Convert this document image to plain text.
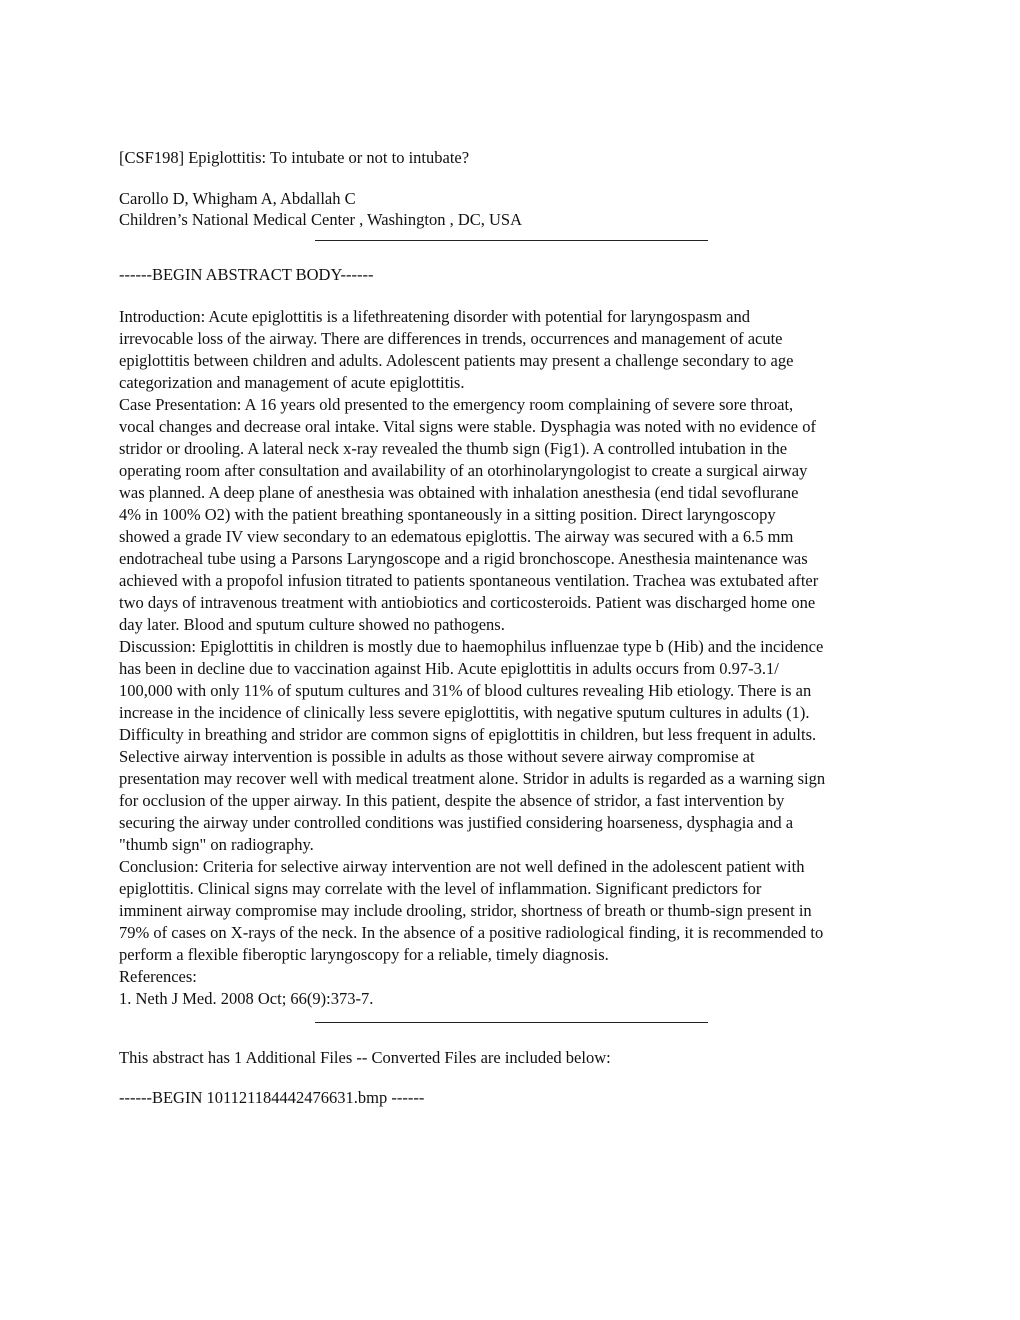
[CSF198] Epiglottitis: To intubate or not to intubate?
Carollo D, Whigham A, Abdallah C
Children’s National Medical Center , Washington , DC, USA
------BEGIN ABSTRACT BODY------
Introduction: Acute epiglottitis is a lifethreatening disorder with potential for laryngospasm and
irrevocable loss of the airway. There are differences in trends, occurrences and management of acute
epiglottitis between children and adults. Adolescent patients may present a challenge secondary to age
categorization and management of acute epiglottitis.
Case Presentation: A 16 years old presented to the emergency room complaining of severe sore throat,
vocal changes and decrease oral intake. Vital signs were stable. Dysphagia was noted with no evidence of
stridor or drooling. A lateral neck x-ray revealed the thumb sign (Fig1). A controlled intubation in the
operating room after consultation and availability of an otorhinolaryngologist to create a surgical airway
was planned. A deep plane of anesthesia was obtained with inhalation anesthesia (end tidal sevoflurane
4% in 100% O2) with the patient breathing spontaneously in a sitting position. Direct laryngoscopy
showed a grade IV view secondary to an edematous epiglottis. The airway was secured with a 6.5 mm
endotracheal tube using a Parsons Laryngoscope and a rigid bronchoscope. Anesthesia maintenance was
achieved with a propofol infusion titrated to patients spontaneous ventilation. Trachea was extubated after
two days of intravenous treatment with antiobiotics and corticosteroids. Patient was discharged home one
day later. Blood and sputum culture showed no pathogens.
Discussion: Epiglottitis in children is mostly due to haemophilus influenzae type b (Hib) and the incidence
has been in decline due to vaccination against Hib. Acute epiglottitis in adults occurs from 0.97-3.1/
100,000 with only 11% of sputum cultures and 31% of blood cultures revealing Hib etiology. There is an
increase in the incidence of clinically less severe epiglottitis, with negative sputum cultures in adults (1).
Difficulty in breathing and stridor are common signs of epiglottitis in children, but less frequent in adults.
Selective airway intervention is possible in adults as those without severe airway compromise at
presentation may recover well with medical treatment alone. Stridor in adults is regarded as a warning sign
for occlusion of the upper airway. In this patient, despite the absence of stridor, a fast intervention by
securing the airway under controlled conditions was justified considering hoarseness, dysphagia and a
"thumb sign" on radiography.
Conclusion: Criteria for selective airway intervention are not well defined in the adolescent patient with
epiglottitis. Clinical signs may correlate with the level of inflammation. Significant predictors for
imminent airway compromise may include drooling, stridor, shortness of breath or thumb-sign present in
79% of cases on X-rays of the neck. In the absence of a positive radiological finding, it is recommended to
perform a flexible fiberoptic laryngoscopy for a reliable, timely diagnosis.
References:
1. Neth J Med. 2008 Oct; 66(9):373-7.
This abstract has 1 Additional Files -- Converted Files are included below:
------BEGIN 101121184442476631.bmp ------
